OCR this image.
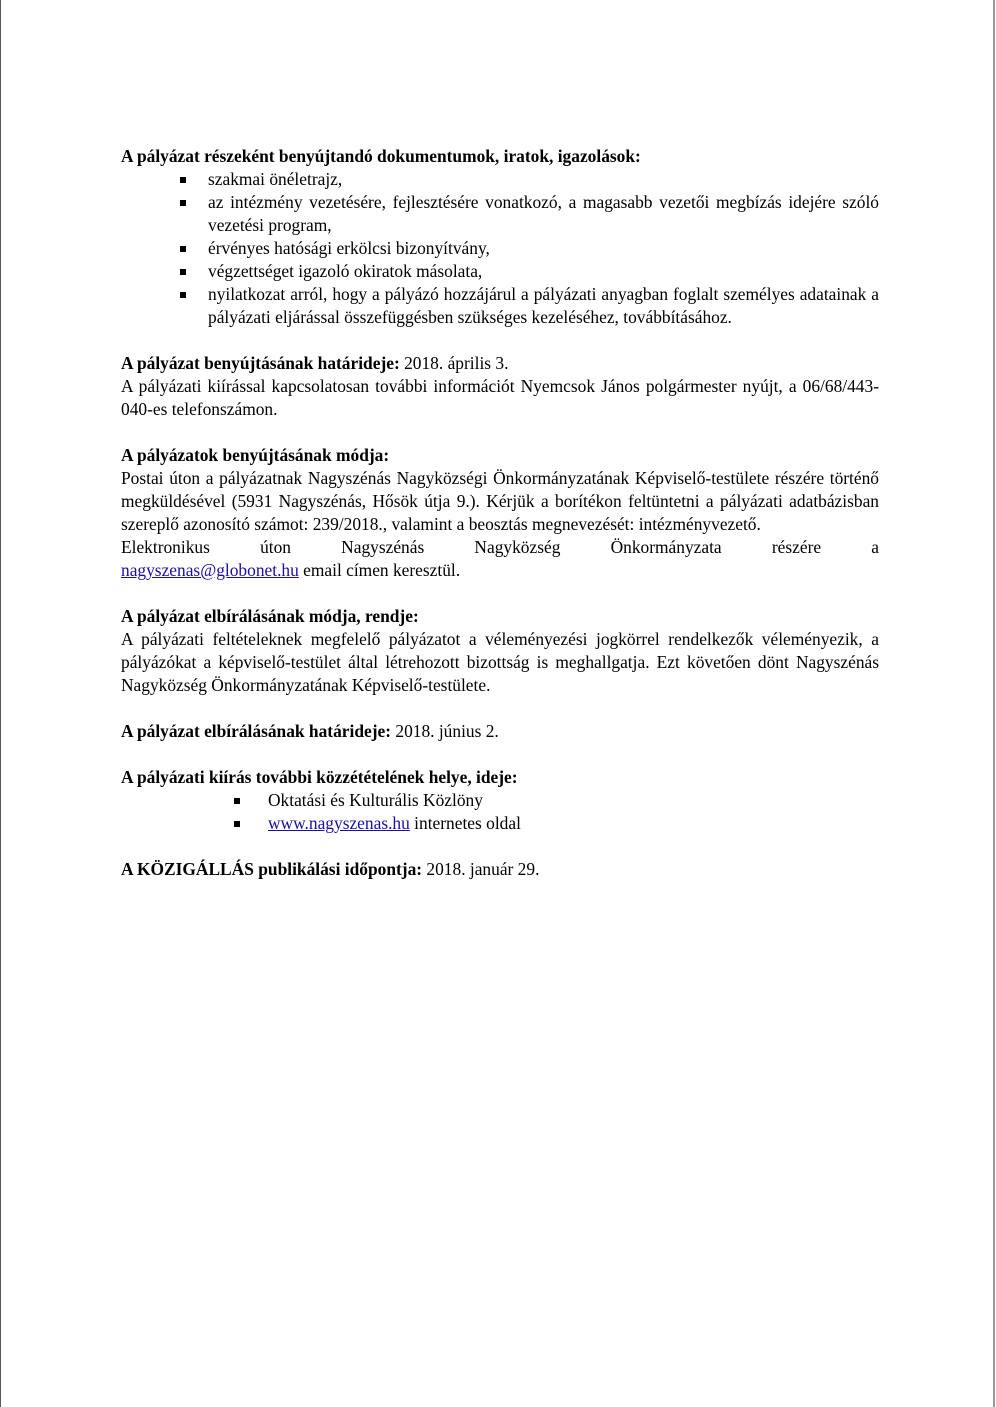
A pályázat részeként benyújtandó dokumentumok, iratok, igazolások:

szakmai önéletrajz,
az intézmény vezetésére, fejlesztésére vonatkozó, a magasabb vezetői megbízás idejére szóló vezetési program,
érvényes hatósági erkölcsi bizonyítvány,
végzettséget igazoló okiratok másolata,
nyilatkozat arról, hogy a pályázó hozzájárul a pályázati anyagban foglalt személyes adatainak a pályázati eljárással összefüggésben szükséges kezeléséhez, továbbításához.

A pályázat benyújtásának határideje: 2018. április 3.

A pályázati kiírással kapcsolatosan további információt Nyemcsok János polgármester nyújt, a 06/68/443-040-es telefonszámon.

A pályázatok benyújtásának módja:

Postai úton a pályázatnak Nagyszénás Nagyközségi Önkormányzatának Képviselő-testülete részére történő megküldésével (5931 Nagyszénás, Hősök útja 9.). Kérjük a borítékon feltüntetni a pályázati adatbázisban szereplő azonosító számot: 239/2018., valamint a beosztás megnevezését: intézményvezető.

Elektronikus úton Nagyszénás Nagyközség Önkormányzata részére a

nagyszenas@globonet.hu email címen keresztül.

A pályázat elbírálásának módja, rendje:

A pályázati feltételeknek megfelelő pályázatot a véleményezési jogkörrel rendelkezők véleményezik, a pályázókat a képviselő-testület által létrehozott bizottság is meghallgatja. Ezt követően dönt Nagyszénás Nagyközség Önkormányzatának Képviselő-testülete.

A pályázat elbírálásának határideje: 2018. június 2.

A pályázati kiírás további közzétételének helye, ideje:

Oktatási és Kulturális Közlöny
www.nagyszenas.hu internetes oldal

A KÖZIGÁLLÁS publikálási időpontja: 2018. január 29.
